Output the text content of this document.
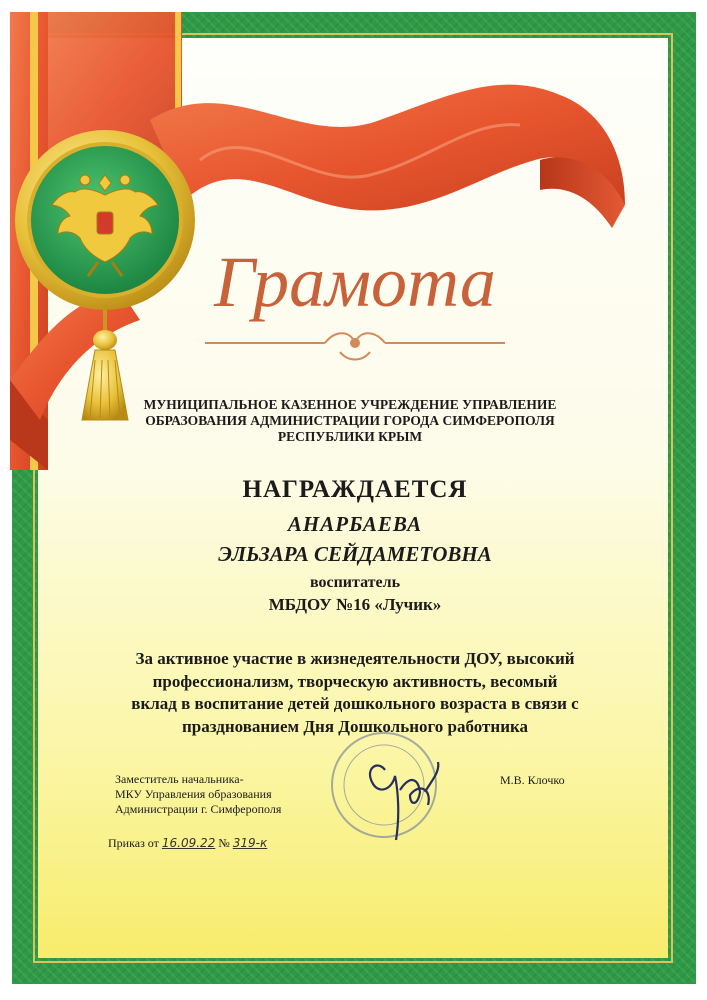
Грамота

МУНИЦИПАЛЬНОЕ КАЗЕННОЕ УЧРЕЖДЕНИЕ УПРАВЛЕНИЕ
ОБРАЗОВАНИЯ АДМИНИСТРАЦИИ ГОРОДА СИМФЕРОПОЛЯ
РЕСПУБЛИКИ КРЫМ

НАГРАЖДАЕТСЯ

АНАРБАЕВА

ЭЛЬЗАРА СЕЙДАМЕТОВНА

воспитатель

МБДОУ №16 «Лучик»

За активное участие в жизнедеятельности ДОУ, высокий
профессионализм, творческую активность, весомый
вклад в воспитание детей дошкольного возраста в связи с
празднованием Дня Дошкольного работника

Заместитель начальника-
МКУ Управления образования
Администрации г. Симферополя

М.В. Клочко

Приказ от 16.09.22 № 319-к
